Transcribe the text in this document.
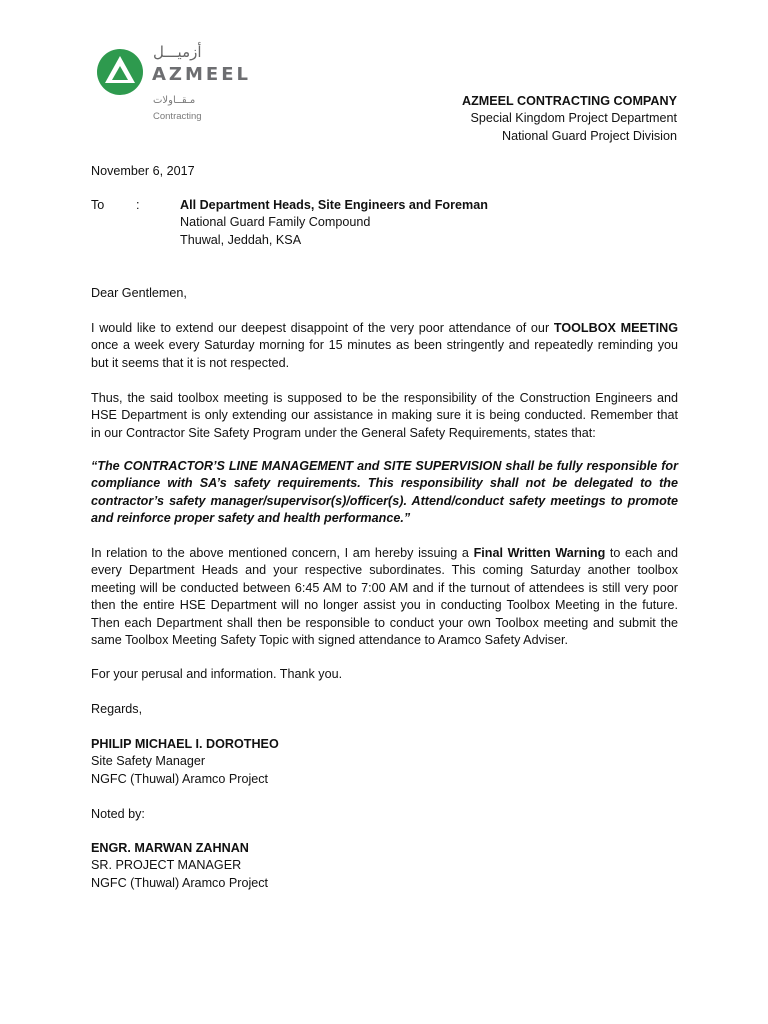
أزميـــل
AZMEEL
مـقــاولات
Contracting
AZMEEL CONTRACTING COMPANY
Special Kingdom Project Department
National Guard Project Division
November 6, 2017
To	:	All Department Heads, Site Engineers and Foreman
National Guard Family Compound
Thuwal, Jeddah, KSA

Dear Gentlemen,

I would like to extend our deepest disappoint of the very poor attendance of our TOOLBOX MEETING once a week every Saturday morning for 15 minutes as been stringently and repeatedly reminding you but it seems that it is not respected.

Thus, the said toolbox meeting is supposed to be the responsibility of the Construction Engineers and HSE Department is only extending our assistance in making sure it is being conducted. Remember that in our Contractor Site Safety Program under the General Safety Requirements, states that:

“The CONTRACTOR’S LINE MANAGEMENT and SITE SUPERVISION shall be fully responsible for compliance with SA’s safety requirements. This responsibility shall not be delegated to the contractor’s safety manager/supervisor(s)/officer(s). Attend/conduct safety meetings to promote and reinforce proper safety and health performance.”

In relation to the above mentioned concern, I am hereby issuing a Final Written Warning to each and every Department Heads and your respective subordinates. This coming Saturday another toolbox meeting will be conducted between 6:45 AM to 7:00 AM and if the turnout of attendees is still very poor then the entire HSE Department will no longer assist you in conducting Toolbox Meeting in the future. Then each Department shall then be responsible to conduct your own Toolbox meeting and submit the same Toolbox Meeting Safety Topic with signed attendance to Aramco Safety Adviser.

For your perusal and information. Thank you.

Regards,

PHILIP MICHAEL I. DOROTHEO
Site Safety Manager
NGFC (Thuwal) Aramco Project
Noted by:
ENGR. MARWAN ZAHNAN
SR. PROJECT MANAGER
NGFC (Thuwal) Aramco Project
